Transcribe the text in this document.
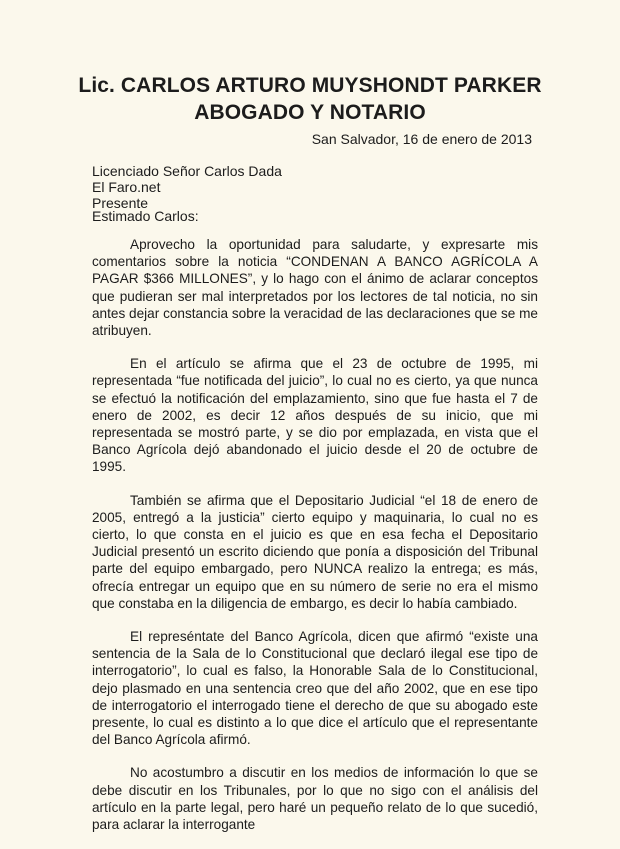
Lic. CARLOS ARTURO MUYSHONDT PARKER
ABOGADO Y NOTARIO
San Salvador, 16 de enero de 2013
Licenciado Señor Carlos Dada
El Faro.net
Presente
Estimado Carlos:

Aprovecho la oportunidad para saludarte, y expresarte mis comentarios sobre la noticia “CONDENAN A BANCO AGRÍCOLA A PAGAR $366 MILLONES”, y lo hago con el ánimo de aclarar conceptos que pudieran ser mal interpretados por los lectores de tal noticia, no sin antes dejar constancia sobre la veracidad de las declaraciones que se me atribuyen.

En el artículo se afirma que el 23 de octubre de 1995, mi representada “fue notificada del juicio”, lo cual no es cierto, ya que nunca se efectuó la notificación del emplazamiento, sino que fue hasta el 7 de enero de 2002, es decir 12 años después de su inicio, que mi representada se mostró parte, y se dio por emplazada, en vista que el Banco Agrícola dejó abandonado el juicio desde el 20 de octubre de 1995.

También se afirma que el Depositario Judicial “el 18 de enero de 2005, entregó a la justicia” cierto equipo y maquinaria, lo cual no es cierto, lo que consta en el juicio es que en esa fecha el Depositario Judicial presentó un escrito diciendo que ponía a disposición del Tribunal parte del equipo embargado, pero NUNCA realizo la entrega; es más, ofrecía entregar un equipo que en su número de serie no era el mismo que constaba en la diligencia de embargo, es decir lo había cambiado.

El represéntate del Banco Agrícola, dicen que afirmó “existe una sentencia de la Sala de lo Constitucional que declaró ilegal ese tipo de interrogatorio”, lo cual es falso, la Honorable Sala de lo Constitucional, dejo plasmado en una sentencia creo que del año 2002, que en ese tipo de interrogatorio el interrogado tiene el derecho de que su abogado este presente, lo cual es distinto a lo que dice el artículo que el representante del Banco Agrícola afirmó.

No acostumbro a discutir en los medios de información lo que se debe discutir en los Tribunales, por lo que no sigo con el análisis del artículo en la parte legal, pero haré un pequeño relato de lo que sucedió, para aclarar la interrogante
